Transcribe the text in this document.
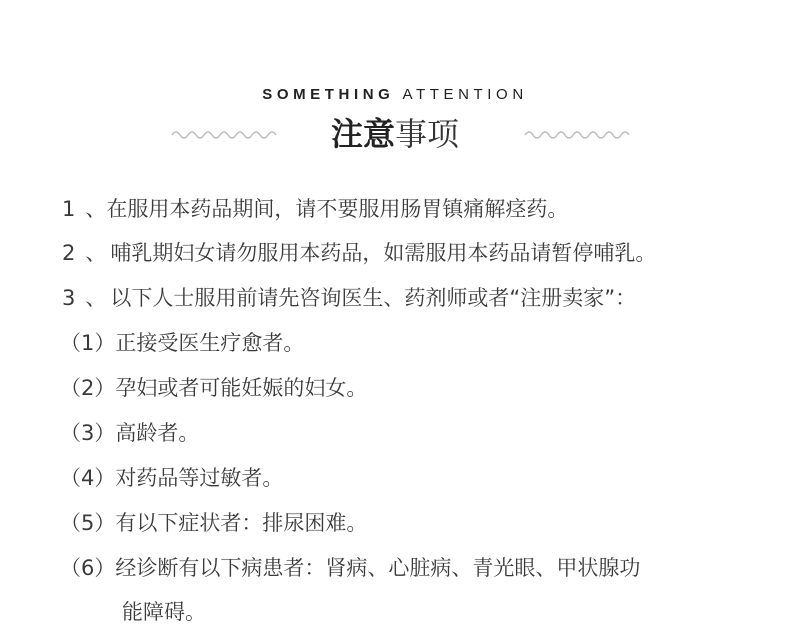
SOMETHING ATTENTION
注意事项
1 、在服用本药品期间，请不要服用肠胃镇痛解痉药。
2 、 哺乳期妇女请勿服用本药品，如需服用本药品请暂停哺乳。
3 、 以下人士服用前请先咨询医生、药剂师或者“注册卖家”：
（1）正接受医生疗愈者。
（2）孕妇或者可能妊娠的妇女。
（3）高龄者。
（4）对药品等过敏者。
（5）有以下症状者：排尿困难。
（6）经诊断有以下病患者：肾病、心脏病、青光眼、甲状腺功
能障碍。
